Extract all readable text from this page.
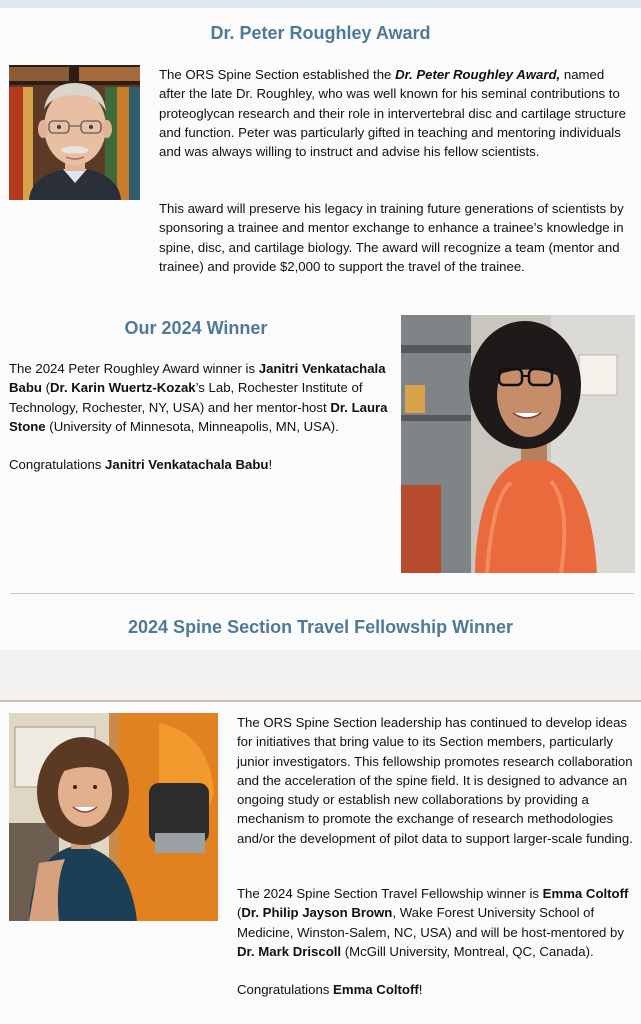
Dr. Peter Roughley Award

The ORS Spine Section established the Dr. Peter Roughley Award, named after the late Dr. Roughley, who was well known for his seminal contributions to proteoglycan research and their role in intervertebral disc and cartilage structure and function. Peter was particularly gifted in teaching and mentoring individuals and was always willing to instruct and advise his fellow scientists.

This award will preserve his legacy in training future generations of scientists by sponsoring a trainee and mentor exchange to enhance a trainee’s knowledge in spine, disc, and cartilage biology. The award will recognize a team (mentor and trainee) and provide $2,000 to support the travel of the trainee.

Our 2024 Winner

The 2024 Peter Roughley Award winner is Janitri Venkatachala Babu (Dr. Karin Wuertz-Kozak’s Lab, Rochester Institute of Technology, Rochester, NY, USA) and her mentor-host Dr. Laura Stone (University of Minnesota, Minneapolis, MN, USA).

Congratulations Janitri Venkatachala Babu!

2024 Spine Section Travel Fellowship Winner

The ORS Spine Section leadership has continued to develop ideas for initiatives that bring value to its Section members, particularly junior investigators. This fellowship promotes research collaboration and the acceleration of the spine field. It is designed to advance an ongoing study or establish new collaborations by providing a mechanism to promote the exchange of research methodologies and/or the development of pilot data to support larger-scale funding.

The 2024 Spine Section Travel Fellowship winner is Emma Coltoff (Dr. Philip Jayson Brown, Wake Forest University School of Medicine, Winston-Salem, NC, USA) and will be host-mentored by Dr. Mark Driscoll (McGill University, Montreal, QC, Canada).

Congratulations Emma Coltoff!
